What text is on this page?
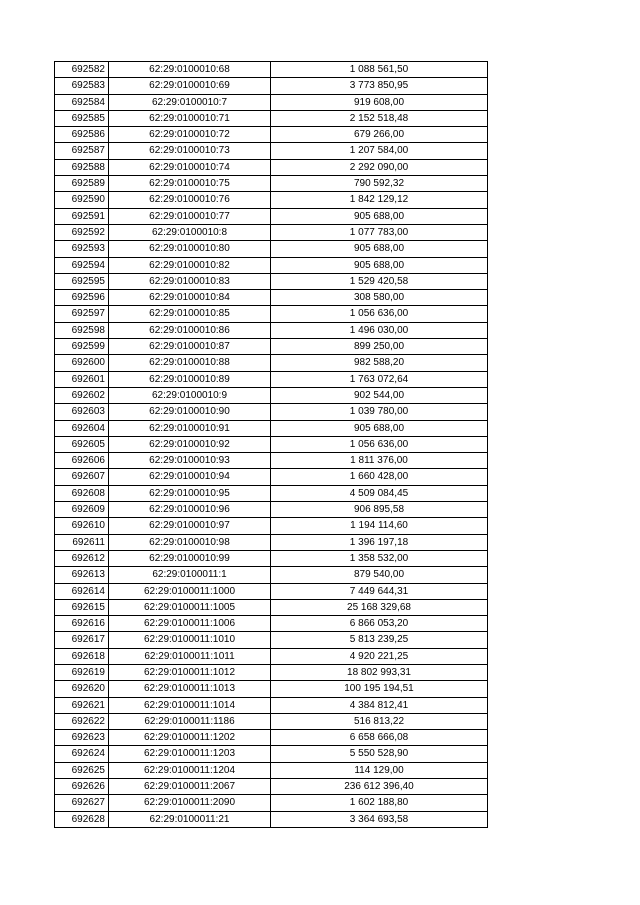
692582	62:29:0100010:68	1 088 561,50
692583	62:29:0100010:69	3 773 850,95
692584	62:29:0100010:7	919 608,00
692585	62:29:0100010:71	2 152 518,48
692586	62:29:0100010:72	679 266,00
692587	62:29:0100010:73	1 207 584,00
692588	62:29:0100010:74	2 292 090,00
692589	62:29:0100010:75	790 592,32
692590	62:29:0100010:76	1 842 129,12
692591	62:29:0100010:77	905 688,00
692592	62:29:0100010:8	1 077 783,00
692593	62:29:0100010:80	905 688,00
692594	62:29:0100010:82	905 688,00
692595	62:29:0100010:83	1 529 420,58
692596	62:29:0100010:84	308 580,00
692597	62:29:0100010:85	1 056 636,00
692598	62:29:0100010:86	1 496 030,00
692599	62:29:0100010:87	899 250,00
692600	62:29:0100010:88	982 588,20
692601	62:29:0100010:89	1 763 072,64
692602	62:29:0100010:9	902 544,00
692603	62:29:0100010:90	1 039 780,00
692604	62:29:0100010:91	905 688,00
692605	62:29:0100010:92	1 056 636,00
692606	62:29:0100010:93	1 811 376,00
692607	62:29:0100010:94	1 660 428,00
692608	62:29:0100010:95	4 509 084,45
692609	62:29:0100010:96	906 895,58
692610	62:29:0100010:97	1 194 114,60
692611	62:29:0100010:98	1 396 197,18
692612	62:29:0100010:99	1 358 532,00
692613	62:29:0100011:1	879 540,00
692614	62:29:0100011:1000	7 449 644,31
692615	62:29:0100011:1005	25 168 329,68
692616	62:29:0100011:1006	6 866 053,20
692617	62:29:0100011:1010	5 813 239,25
692618	62:29:0100011:1011	4 920 221,25
692619	62:29:0100011:1012	18 802 993,31
692620	62:29:0100011:1013	100 195 194,51
692621	62:29:0100011:1014	4 384 812,41
692622	62:29:0100011:1186	516 813,22
692623	62:29:0100011:1202	6 658 666,08
692624	62:29:0100011:1203	5 550 528,90
692625	62:29:0100011:1204	114 129,00
692626	62:29:0100011:2067	236 612 396,40
692627	62:29:0100011:2090	1 602 188,80
692628	62:29:0100011:21	3 364 693,58
